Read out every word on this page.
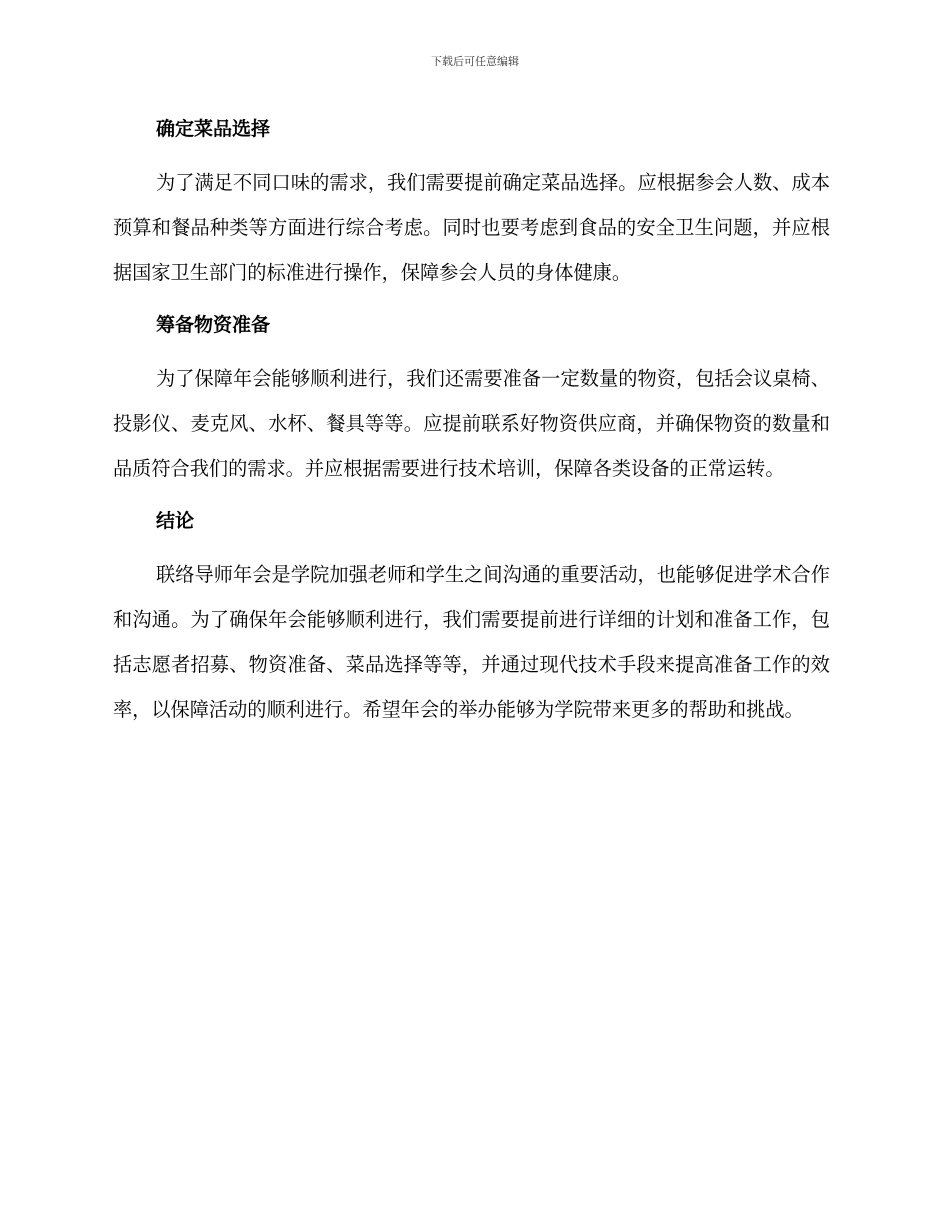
下载后可任意编辑
确定菜品选择

为了满足不同口味的需求，我们需要提前确定菜品选择。应根据参会人数、成本预算和餐品种类等方面进行综合考虑。同时也要考虑到食品的安全卫生问题，并应根据国家卫生部门的标准进行操作，保障参会人员的身体健康。

筹备物资准备

为了保障年会能够顺利进行，我们还需要准备一定数量的物资，包括会议桌椅、投影仪、麦克风、水杯、餐具等等。应提前联系好物资供应商，并确保物资的数量和品质符合我们的需求。并应根据需要进行技术培训，保障各类设备的正常运转。

结论

联络导师年会是学院加强老师和学生之间沟通的重要活动，也能够促进学术合作和沟通。为了确保年会能够顺利进行，我们需要提前进行详细的计划和准备工作，包括志愿者招募、物资准备、菜品选择等等，并通过现代技术手段来提高准备工作的效率，以保障活动的顺利进行。希望年会的举办能够为学院带来更多的帮助和挑战。
